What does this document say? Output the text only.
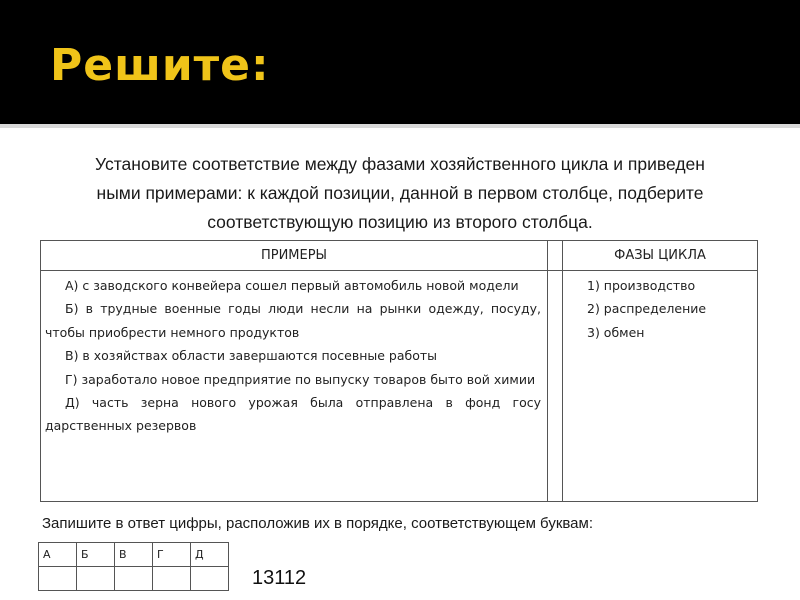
Решите:
Установите соответствие между фазами хозяйственного цикла и приведен
ными примерами: к каждой позиции, данной в первом столбце, подберите
соответствующую позицию из второго столбца.
ПРИМЕРЫ	ФАЗЫ ЦИКЛА
А) с заводского конвейера сошел первый автомобиль новой модели
Б) в трудные военные годы люди несли на рынки одежду, посуду, чтобы приобрести немного продуктов
В) в хозяйствах области завершаются посевные работы
Г) заработало новое предприятие по выпуску товаров быто вой химии
Д) часть зерна нового урожая была отправлена в фонд госу дарственных резервов
1) производство
2) распределение
3) обмен
Запишите в ответ цифры, расположив их в порядке, соответствующем буквам:
А	Б	В	Г	Д

13112
